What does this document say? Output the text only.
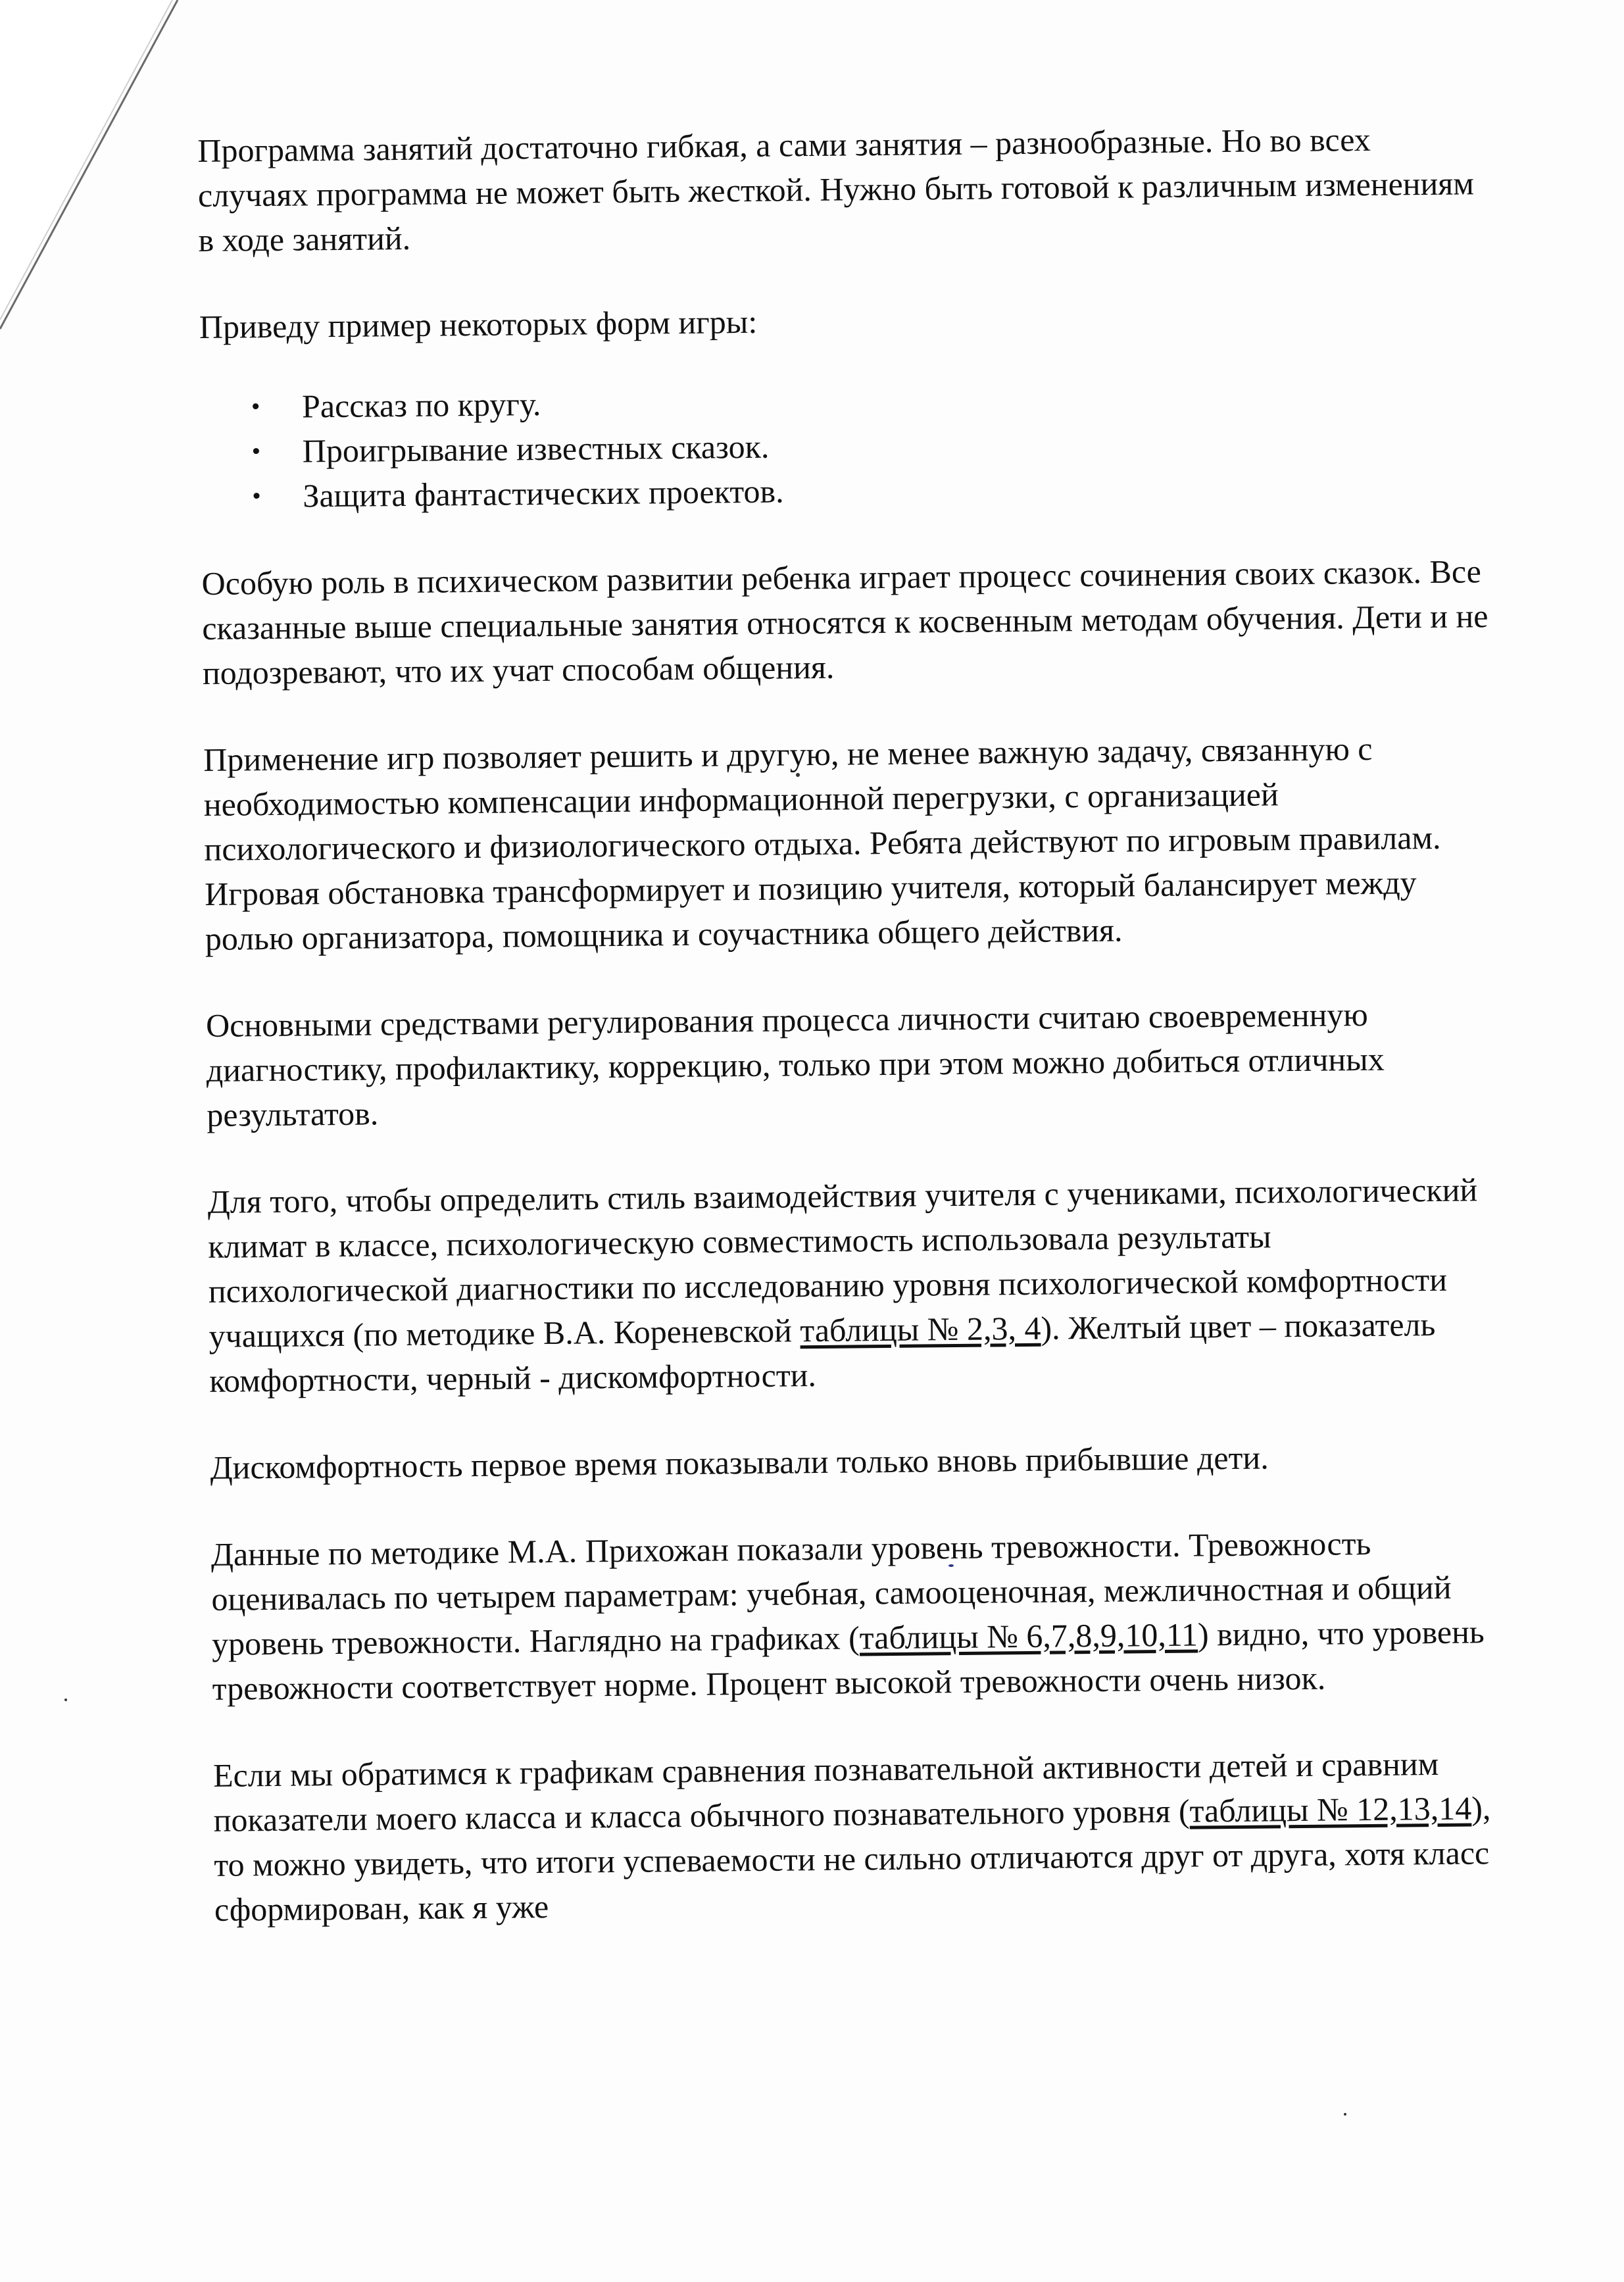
Программа занятий достаточно гибкая, а сами занятия – разнообразные. Но во всех случаях программа не может быть жесткой. Нужно быть готовой к различным изменениям в ходе занятий.

Приведу пример некоторых форм игры:

• Рассказ по кругу.
• Проигрывание известных сказок.
• Защита фантастических проектов.

Особую роль в психическом развитии ребенка играет процесс сочинения своих сказок. Все сказанные выше специальные занятия относятся к косвенным методам обучения. Дети и не подозревают, что их учат способам общения.

Применение игр позволяет решить и другую, не менее важную задачу, связанную с необходимостью компенсации информационной перегрузки, с организацией психологического и физиологического отдыха. Ребята действуют по игровым правилам. Игровая обстановка трансформирует и позицию учителя, который балансирует между ролью организатора, помощника и соучастника общего действия.

Основными средствами регулирования процесса личности считаю своевременную диагностику, профилактику, коррекцию, только при этом можно добиться отличных результатов.

Для того, чтобы определить стиль взаимодействия учителя с учениками, психологический климат в классе, психологическую совместимость использовала результаты психологической диагностики по исследованию уровня психологической комфортности учащихся (по методике В.А. Кореневской таблицы № 2,3, 4). Желтый цвет – показатель комфортности, черный - дискомфортности.

Дискомфортность первое время показывали только вновь прибывшие дети.

Данные по методике М.А. Прихожан показали уровень тревожности. Тревожность оценивалась по четырем параметрам: учебная, самооценочная, межличностная и общий уровень тревожности. Наглядно на графиках (таблицы № 6,7,8,9,10,11) видно, что уровень тревожности соответствует норме. Процент высокой тревожности очень низок.

Если мы обратимся к графикам сравнения познавательной активности детей и сравним показатели моего класса и класса обычного познавательного уровня (таблицы № 12,13,14), то можно увидеть, что итоги успеваемости не сильно отличаются друг от друга, хотя класс сформирован, как я уже
